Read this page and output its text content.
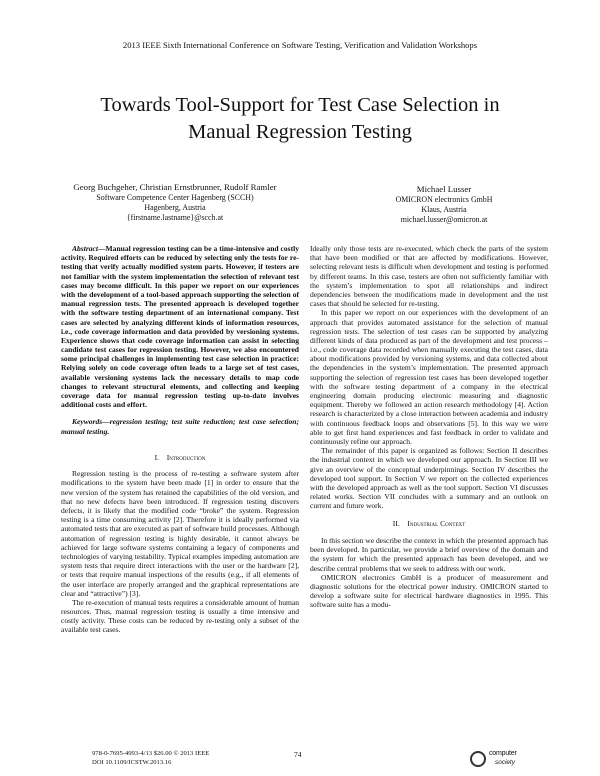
2013 IEEE Sixth International Conference on Software Testing, Verification and Validation Workshops
Towards Tool-Support for Test Case Selection in
Manual Regression Testing
Georg Buchgeher, Christian Ernstbrunner, Rudolf Ramler
Software Competence Center Hagenberg (SCCH)
Hagenberg, Austria
{firstname.lastname}@scch.at
Michael Lusser
OMICRON electronics GmbH
Klaus, Austria
michael.lusser@omicron.at

Abstract—Manual regression testing can be a time-intensive and costly activity. Required efforts can be reduced by selecting only the tests for re-testing that verify actually modified system parts. However, if testers are not familiar with the system implementation the selection of relevant test cases may become difficult. In this paper we report on our experiences with the development of a tool-based approach supporting the selection of manual regression tests. The presented approach is developed together with the software testing department of an international company. Test cases are selected by analyzing different kinds of information resources, i.e., code coverage information and data provided by versioning systems. Experience shows that code coverage information can assist in selecting candidate test cases for regression testing. However, we also encountered some principal challenges in implementing test case selection in practice: Relying solely on code coverage often leads to a large set of test cases, available versioning systems lack the necessary details to map code changes to relevant structural elements, and collecting and keeping coverage data for manual regression testing up-to-date involves additional costs and effort.

Keywords—regression testing; test suite reduction; test case selection; manual testing.

I. Introduction

Regression testing is the process of re-testing a software system after modifications to the system have been made [1] in order to ensure that the new version of the system has retained the capabilities of the old version, and that no new defects have been introduced. If regression testing discovers defects, it is likely that the modified code “broke” the system. Regression testing is a time consuming activity [2]. Therefore it is ideally performed via automated tests that are executed as part of software build processes. Although automation of regression testing is highly desirable, it cannot always be achieved for large software systems containing a legacy of components and technologies of varying testability. Typical examples impeding automation are system tests that require direct interactions with the user or the hardware [2], or tests that require manual inspections of the results (e.g., if all elements of the user interface are properly arranged and the graphical representations are clear and “attractive”) [3].

The re-execution of manual tests requires a considerable amount of human resources. Thus, manual regression testing is usually a time intensive and costly activity. These costs can be reduced by re-testing only a subset of the available test cases.

Ideally only those tests are re-executed, which check the parts of the system that have been modified or that are affected by modifications. However, selecting relevant tests is difficult when development and testing is performed by different teams. In this case, testers are often not sufficiently familiar with the system’s implementation to spot all relationships and indirect dependencies between the modifications made in development and the test cases that should be selected for re-testing.

In this paper we report on our experiences with the development of an approach that provides automated assistance for the selection of manual regression tests. The selection of test cases can be supported by analyzing different kinds of data produced as part of the development and test process – i.e., code coverage data recorded when manually executing the test cases, data about modifications provided by versioning systems, and data collected about the dependencies in the system’s implementation. The presented approach supporting the selection of regression test cases has been developed together with the software testing department of a company in the electrical engineering domain producing electronic measuring and diagnostic equipment. Thereby we followed an action research methodology [4]. Action research is characterized by a close interaction between academia and industry with continuous feedback loops and observations [5]. In this way we were able to get first hand experiences and fast feedback in order to validate and continuously refine our approach.

The remainder of this paper is organized as follows: Section II describes the industrial context in which we developed our approach. In Section III we give an overview of the conceptual underpinnings. Section IV describes the developed tool support. In Section V we report on the collected experiences with the developed approach as well as the tool support. Section VI discusses related works. Section VII concludes with a summary and an outlook on current and future work.

II. Industrial Context

In this section we describe the context in which the presented approach has been developed. In particular, we provide a brief overview of the domain and the system for which the presented approach has been developed, and we describe central problems that we seek to address with our work.

OMICRON electronics GmbH is a producer of measurement and diagnostic solutions for the electrical power industry. OMICRON started to develop a software suite for electrical hardware diagnostics in 1995. This software suite has a modu-

978-0-7695-4993-4/13 $26.00 © 2013 IEEE
DOI 10.1109/ICSTW.2013.16
74	computer
society
